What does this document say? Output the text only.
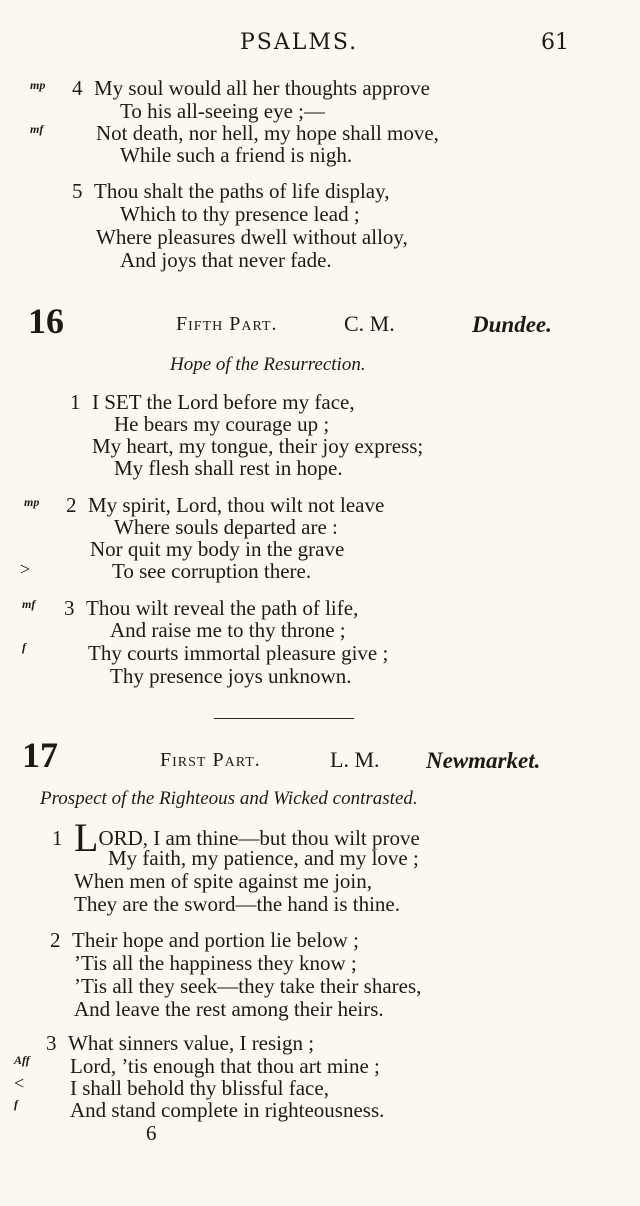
PSALMS.	61
mp
mf
4 My soul would all her thoughts approve
To his all-seeing eye ;—
Not death, nor hell, my hope shall move,
While such a friend is nigh.
5 Thou shalt the paths of life display,
Which to thy presence lead ;
Where pleasures dwell without alloy,
And joys that never fade.
16	Fifth Part.	C. M.	Dundee.
Hope of the Resurrection.
1 I SET the Lord before my face,
He bears my courage up ;
My heart, my tongue, their joy express;
My flesh shall rest in hope.
mp
>
2 My spirit, Lord, thou wilt not leave
Where souls departed are :
Nor quit my body in the grave
To see corruption there.
mf
f
3 Thou wilt reveal the path of life,
And raise me to thy throne ;
Thy courts immortal pleasure give ;
Thy presence joys unknown.
17	First Part.	L. M. Newmarket.
Prospect of the Righteous and Wicked contrasted.
1 LORD, I am thine—but thou wilt prove
My faith, my patience, and my love ;
When men of spite against me join,
They are the sword—the hand is thine.
2 Their hope and portion lie below ;
’Tis all the happiness they know ;
’Tis all they seek—they take their shares,
And leave the rest among their heirs.
Aff
<
f
3 What sinners value, I resign ;
Lord, ’tis enough that thou art mine ;
I shall behold thy blissful face,
And stand complete in righteousness.
6
